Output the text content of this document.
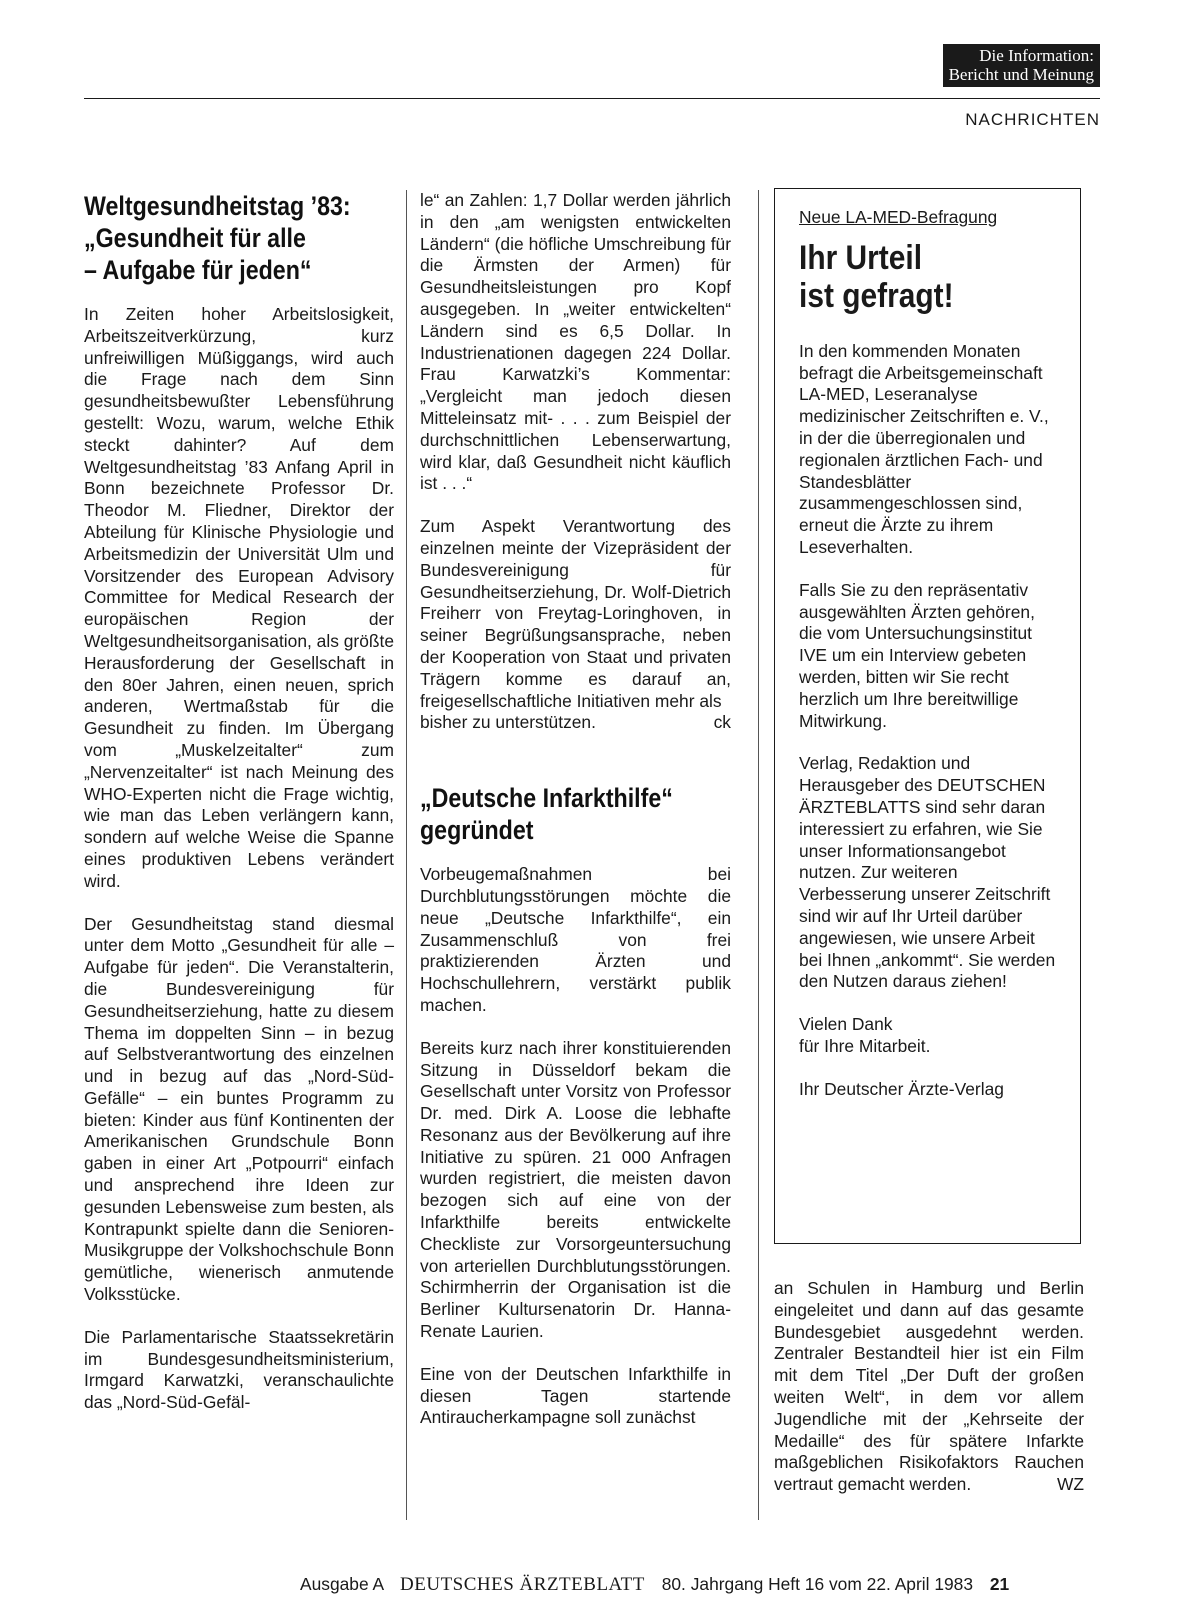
Die Information:
Bericht und Meinung
NACHRICHTEN
Weltgesundheitstag ’83:
„Gesundheit für alle
– Aufgabe für jeden“

In Zeiten hoher Arbeitslosigkeit, Arbeitszeitverkürzung, kurz unfreiwilligen Müßiggangs, wird auch die Frage nach dem Sinn gesundheitsbewußter Lebensführung gestellt: Wozu, warum, welche Ethik steckt dahinter? Auf dem Weltgesundheitstag ’83 Anfang April in Bonn bezeichnete Professor Dr. Theodor M. Fliedner, Direktor der Abteilung für Klinische Physiologie und Arbeitsmedizin der Universität Ulm und Vorsitzender des European Advisory Committee for Medical Research der europäischen Region der Weltgesundheitsorganisation, als größte Herausforderung der Gesellschaft in den 80er Jahren, einen neuen, sprich anderen, Wertmaßstab für die Gesundheit zu finden. Im Übergang vom „Muskelzeitalter“ zum „Nervenzeitalter“ ist nach Meinung des WHO-Experten nicht die Frage wichtig, wie man das Leben verlängern kann, sondern auf welche Weise die Spanne eines produktiven Lebens verändert wird.

Der Gesundheitstag stand diesmal unter dem Motto „Gesundheit für alle – Aufgabe für jeden“. Die Veranstalterin, die Bundesvereinigung für Gesundheitserziehung, hatte zu diesem Thema im doppelten Sinn – in bezug auf Selbstverantwortung des einzelnen und in bezug auf das „Nord-Süd-Gefälle“ – ein buntes Programm zu bieten: Kinder aus fünf Kontinenten der Amerikanischen Grundschule Bonn gaben in einer Art „Potpourri“ einfach und ansprechend ihre Ideen zur gesunden Lebensweise zum besten, als Kontrapunkt spielte dann die Senioren-Musikgruppe der Volkshochschule Bonn gemütliche, wienerisch anmutende Volksstücke.

Die Parlamentarische Staatssekretärin im Bundesgesundheitsministerium, Irmgard Karwatzki, veranschaulichte das „Nord-Süd-Gefäl-

le“ an Zahlen: 1,7 Dollar werden jährlich in den „am wenigsten entwickelten Ländern“ (die höfliche Umschreibung für die Ärmsten der Armen) für Gesundheitsleistungen pro Kopf ausgegeben. In „weiter entwickelten“ Ländern sind es 6,5 Dollar. In Industrienationen dagegen 224 Dollar. Frau Karwatzki’s Kommentar: „Vergleicht man jedoch diesen Mitteleinsatz mit- . . . zum Beispiel der durchschnittlichen Lebenserwartung, wird klar, daß Gesundheit nicht käuflich ist . . .“

Zum Aspekt Verantwortung des einzelnen meinte der Vizepräsident der Bundesvereinigung für Gesundheitserziehung, Dr. Wolf-Dietrich Freiherr von Freytag-Loringhoven, in seiner Begrüßungsansprache, neben der Kooperation von Staat und privaten Trägern komme es darauf an, freigesellschaftliche Initiativen mehr als
bisher zu unterstützen.	ck

„Deutsche Infarkthilfe“
gegründet

Vorbeugemaßnahmen bei Durchblutungsstörungen möchte die neue „Deutsche Infarkthilfe“, ein Zusammenschluß von frei praktizierenden Ärzten und Hochschullehrern, verstärkt publik machen.

Bereits kurz nach ihrer konstituierenden Sitzung in Düsseldorf bekam die Gesellschaft unter Vorsitz von Professor Dr. med. Dirk A. Loose die lebhafte Resonanz aus der Bevölkerung auf ihre Initiative zu spüren. 21 000 Anfragen wurden registriert, die meisten davon bezogen sich auf eine von der Infarkthilfe bereits entwickelte Checkliste zur Vorsorgeuntersuchung von arteriellen Durchblutungsstörungen. Schirmherrin der Organisation ist die Berliner Kultursenatorin Dr. Hanna-Renate Laurien.

Eine von der Deutschen Infarkthilfe in diesen Tagen startende Antiraucherkampagne soll zunächst

Neue LA-MED-Befragung
Ihr Urteil
ist gefragt!

In den kommenden Monaten befragt die Arbeitsgemeinschaft LA-MED, Leseranalyse medizinischer Zeitschriften e. V., in der die überregionalen und regionalen ärztlichen Fach- und Standesblätter zusammengeschlossen sind, erneut die Ärzte zu ihrem Leseverhalten.

Falls Sie zu den repräsentativ ausgewählten Ärzten gehören, die vom Untersuchungsinstitut IVE um ein Interview gebeten werden, bitten wir Sie recht herzlich um Ihre bereitwillige Mitwirkung.

Verlag, Redaktion und Herausgeber des DEUTSCHEN ÄRZTEBLATTS sind sehr daran interessiert zu erfahren, wie Sie unser Informationsangebot nutzen. Zur weiteren Verbesserung unserer Zeitschrift sind wir auf Ihr Urteil darüber angewiesen, wie unsere Arbeit bei Ihnen „ankommt“. Sie werden den Nutzen daraus ziehen!

Vielen Dank
für Ihre Mitarbeit.

Ihr Deutscher Ärzte-Verlag

an Schulen in Hamburg und Berlin eingeleitet und dann auf das gesamte Bundesgebiet ausgedehnt werden. Zentraler Bestandteil hier ist ein Film mit dem Titel „Der Duft der großen weiten Welt“, in dem vor allem Jugendliche mit der „Kehrseite der Medaille“ des für spätere Infarkte maßgeblichen Risikofaktors Rauchen vertraut gemacht werden.	WZ

Ausgabe A DEUTSCHES ÄRZTEBLATT 80. Jahrgang Heft 16 vom 22. April 1983 21
